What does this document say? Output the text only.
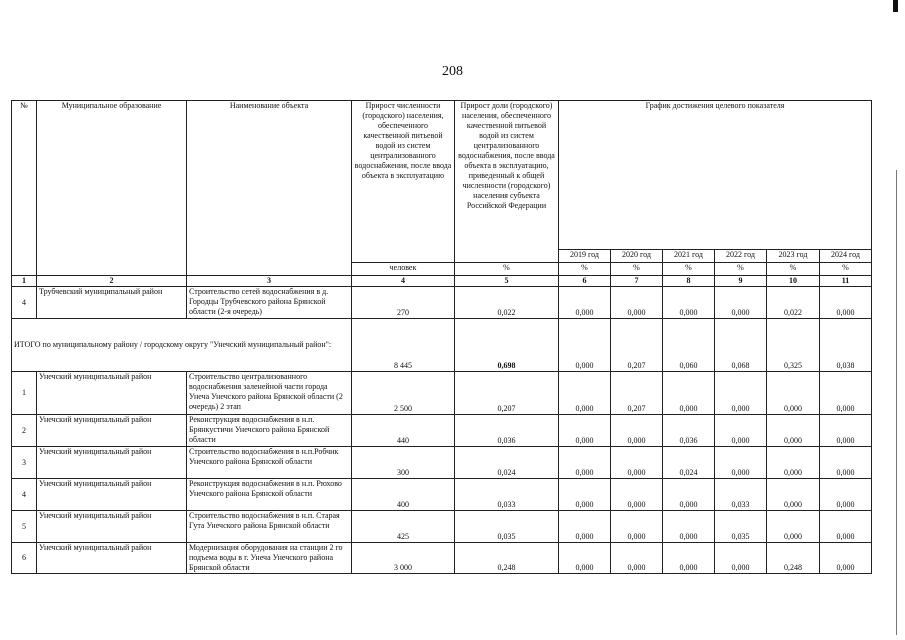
208
№	Муниципальное образование	Наименование объекта	Прирост численности (городского) населения, обеспеченного качественной питьевой водой из систем централизованного водоснабжения, после ввода объекта в эксплуатацию	Прирост доли (городского) населения, обеспеченного качественной питьевой водой из систем централизованного водоснабжения, после ввода объекта в эксплуатацию, приведенный к общей численности (городского) населения субъекта Российской Федерации	График достижения целевого показателя					
					2019 год	2020 год	2021 год	2022 год	2023 год	2024 год
			человек	%	%	%	%	%	%	%
1	2	3	4	5	6	7	8	9	10	11
4	Трубчевский муниципальный район	Строительство сетей водоснабжения в д. Городцы Трубчевского района Брянской области (2-я очередь)	270	0,022	0,000	0,000	0,000	0,000	0,022	0,000
ИТОГО по муниципальному району / городскому округу "Унечский муниципальный район":			8 445	0,698	0,000	0,207	0,060	0,068	0,325	0,038
1	Унечский муниципальный район	Строительство централизованного водоснабжения заленейной части города Унеча Унечского района Брянской области (2 очередь) 2 этап	2 500	0,207	0,000	0,207	0,000	0,000	0,000	0,000
2	Унечский муниципальный район	Реконструкция водоснабжения в н.п. Брянкустичи Унечского района Брянской области	440	0,036	0,000	0,000	0,036	0,000	0,000	0,000
3	Унечский муниципальный район	Строительство водоснабжения в н.п.Робчик Унечского района Брянской области	300	0,024	0,000	0,000	0,024	0,000	0,000	0,000
4	Унечский муниципальный район	Реконструкция водоснабжения в н.п. Рюхово Унечского района Брянской области	400	0,033	0,000	0,000	0,000	0,033	0,000	0,000
5	Унечский муниципальный район	Строительство водоснабжения в н.п. Старая Гута Унечского района Брянской области	425	0,035	0,000	0,000	0,000	0,035	0,000	0,000
6	Унечский муниципальный район	Модернизация оборудования на станции 2 го подъема воды в г. Унеча Унечского района Брянской области	3 000	0,248	0,000	0,000	0,000	0,000	0,248	0,000
